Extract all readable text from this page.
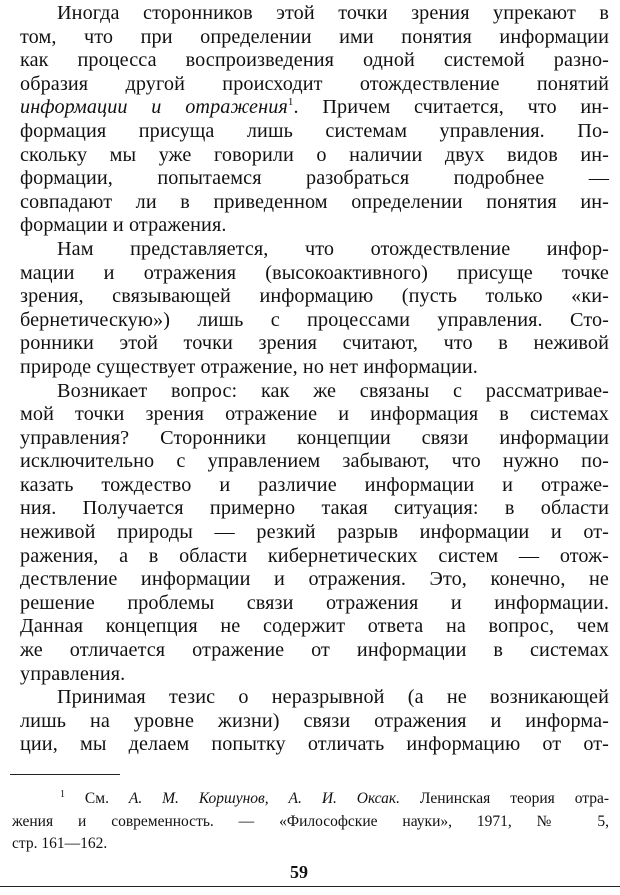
Иногда сторонников этой точки зрения упрекают в
том, что при определении ими понятия информации
как процесса воспроизведения одной системой разно-
образия другой происходит отождествление понятий
информации и отражения$^1$. Причем считается, что ин-
формация присуща лишь системам управления. По-
скольку мы уже говорили о наличии двух видов ин-
формации, попытаемся разобраться подробнее —
совпадают ли в приведенном определении понятия ин-
формации и отражения.
Нам представляется, что отождествление инфор-
мации и отражения (высокоактивного) присуще точке
зрения, связывающей информацию (пусть только «ки-
бернетическую») лишь с процессами управления. Сто-
ронники этой точки зрения считают, что в неживой
природе существует отражение, но нет информации.
Возникает вопрос: как же связаны с рассматривае-
мой точки зрения отражение и информация в системах
управления? Сторонники концепции связи информации
исключительно с управлением забывают, что нужно по-
казать тождество и различие информации и отраже-
ния. Получается примерно такая ситуация: в области
неживой природы — резкий разрыв информации и от-
ражения, а в области кибернетических систем — отож-
дествление информации и отражения. Это, конечно, не
решение проблемы связи отражения и информации.
Данная концепция не содержит ответа на вопрос, чем
же отличается отражение от информации в системах
управления.
Принимая тезис о неразрывной (а не возникающей
лишь на уровне жизни) связи отражения и информа-
ции, мы делаем попытку отличать информацию от от-
$^1$ См. А. М. Коршунов, А. И. Оксак. Ленинская теория отра-
жения и современность. — «Философские науки», 1971, № 5,
стр. 161—162.
59
